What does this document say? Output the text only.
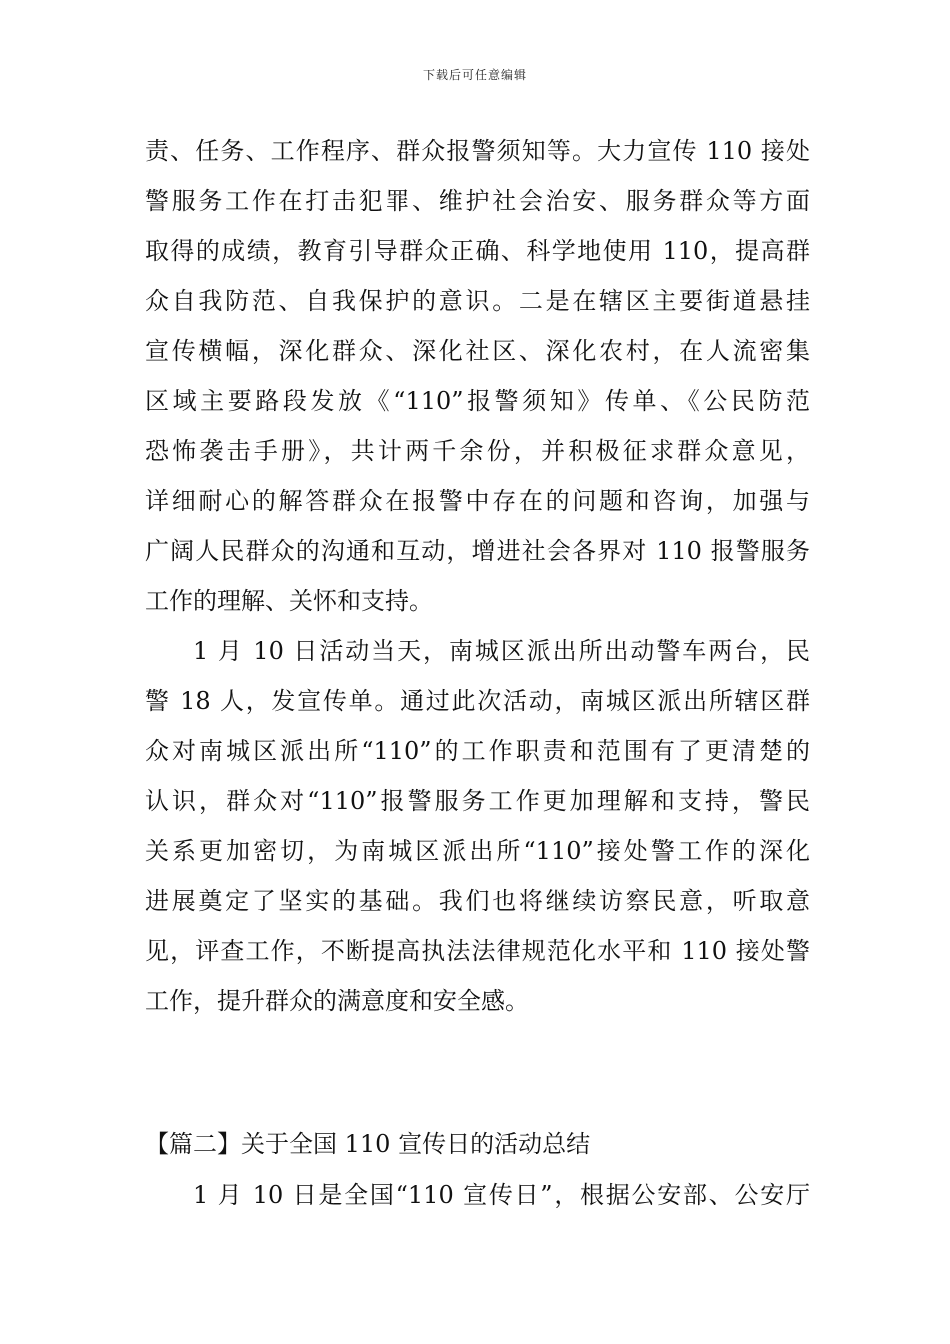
下载后可任意编辑
责、任务、工作程序、群众报警须知等。大力宣传 110 接处
警服务工作在打击犯罪、维护社会治安、服务群众等方面
取得的成绩，教育引导群众正确、科学地使用 110，提高群
众自我防范、自我保护的意识。二是在辖区主要街道悬挂
宣传横幅，深化群众、深化社区、深化农村，在人流密集
区域主要路段发放《“110”报警须知》传单、《公民防范
恐怖袭击手册》，共计两千余份，并积极征求群众意见，
详细耐心的解答群众在报警中存在的问题和咨询，加强与
广阔人民群众的沟通和互动，增进社会各界对 110 报警服务
工作的理解、关怀和支持。
1 月 10 日活动当天，南城区派出所出动警车两台，民
警 18 人，发宣传单。通过此次活动，南城区派出所辖区群
众对南城区派出所“110”的工作职责和范围有了更清楚的
认识，群众对“110”报警服务工作更加理解和支持，警民
关系更加密切，为南城区派出所“110”接处警工作的深化
进展奠定了坚实的基础。我们也将继续访察民意，听取意
见，评查工作，不断提高执法法律规范化水平和 110 接处警
工作，提升群众的满意度和安全感。
【篇二】关于全国 110 宣传日的活动总结
1 月 10 日是全国“110 宣传日”，根据公安部、公安厅
